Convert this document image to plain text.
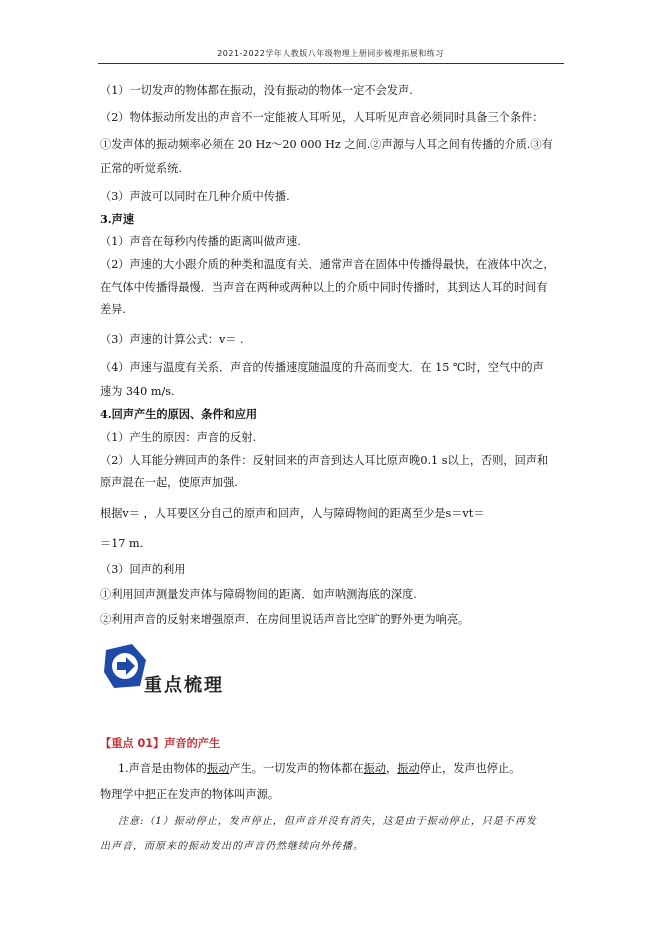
2021-2022学年人教版八年级物理上册同步梳理拓展和练习
（1）一切发声的物体都在振动，没有振动的物体一定不会发声.
（2）物体振动所发出的声音不一定能被人耳听见，人耳听见声音必须同时具备三个条件：
①发声体的振动频率必须在 20 Hz～20 000 Hz 之间.②声源与人耳之间有传播的介质.③有
正常的听觉系统.
（3）声波可以同时在几种介质中传播.
3.声速
（1）声音在每秒内传播的距离叫做声速.
（2）声速的大小跟介质的种类和温度有关．通常声音在固体中传播得最快，在液体中次之，
在气体中传播得最慢．当声音在两种或两种以上的介质中同时传播时，其到达人耳的时间有
差异.
（3）声速的计算公式：v＝ .
（4）声速与温度有关系．声音的传播速度随温度的升高而变大．在 15 ℃时，空气中的声
速为 340 m/s.
4.回声产生的原因、条件和应用
（1）产生的原因：声音的反射.
（2）人耳能分辨回声的条件：反射回来的声音到达人耳比原声晚0.1 s以上，否则，回声和
原声混在一起，使原声加强.
根据v＝ ，人耳要区分自己的原声和回声，人与障碍物间的距离至少是s＝vt＝
＝17 m.
（3）回声的利用
①利用回声测量发声体与障碍物间的距离．如声呐测海底的深度.
②利用声音的反射来增强原声．在房间里说话声音比空旷的野外更为响亮。
重点梳理
【重点 01】声音的产生
1.声音是由物体的振动产生。一切发声的物体都在振动，振动停止，发声也停止。
物理学中把正在发声的物体叫声源。
注意:（1）振动停止，发声停止，但声音并没有消失，这是由于振动停止，只是不再发
出声音，而原来的振动发出的声音仍然继续向外传播。
